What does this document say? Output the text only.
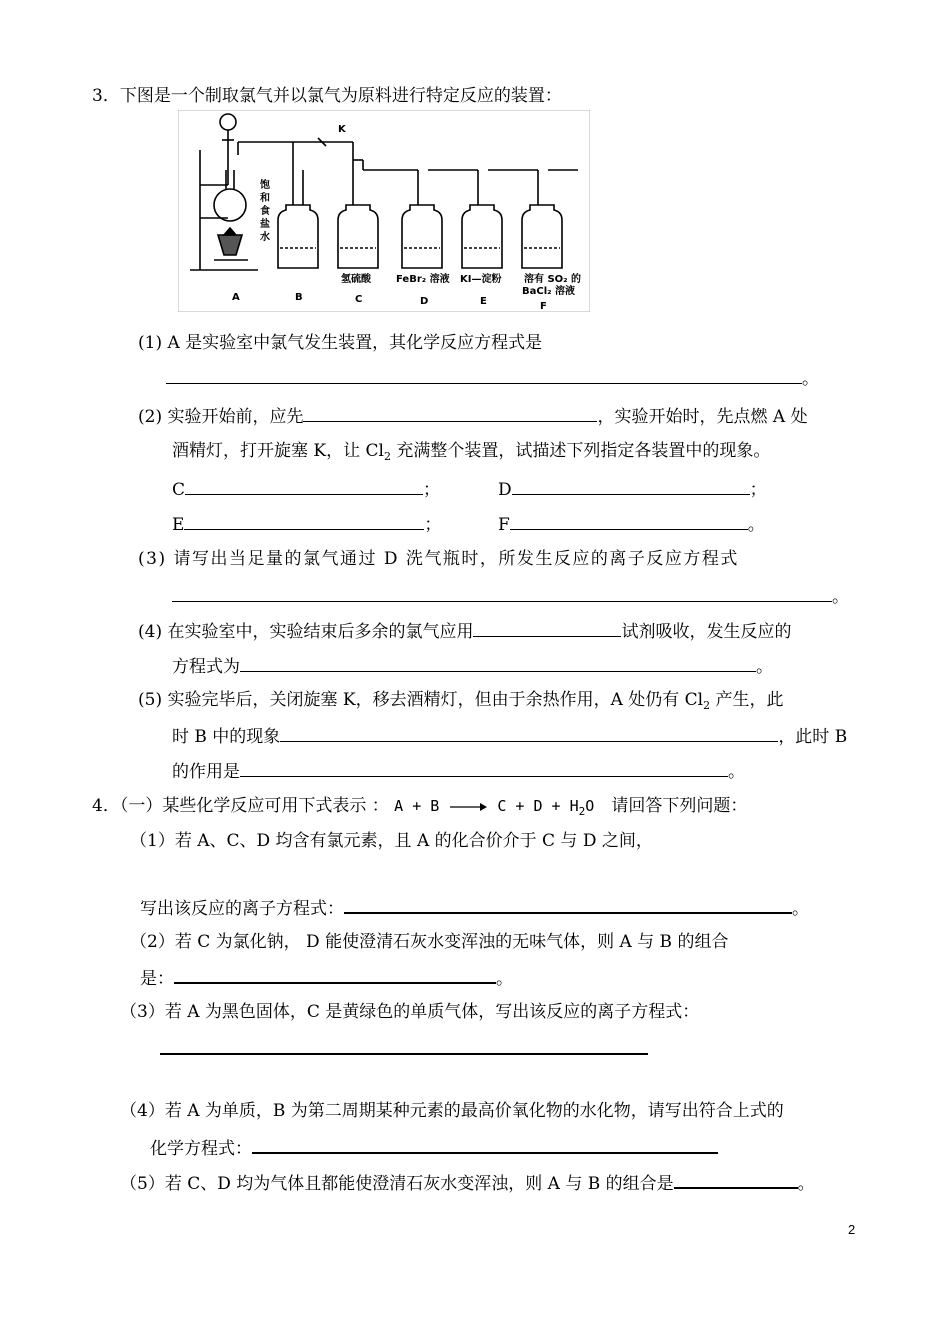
3．下图是一个制取氯气并以氯气为原料进行特定反应的装置：
饱
和
食
盐
水
K
氢硫酸	FeBr₂ 溶液 KI—淀粉 溶有 SO₂ 的
BaCl₂ 溶液
A	B	C	D	E	F
(1) A 是实验室中氯气发生装置，其化学反应方程式是
。
(2) 实验开始前，应先	，实验开始时，先点燃 A 处
酒精灯，打开旋塞 K，让 $Cl_2$ 充满整个装置，试描述下列指定各装置中的现象。
C	；	D	；
E	；	F	。
(3) 请写出当足量的氯气通过 D 洗气瓶时，所发生反应的离子反应方程式
。
(4) 在实验室中，实验结束后多余的氯气应用	试剂吸收，发生反应的
方程式为	。
(5) 实验完毕后，关闭旋塞 K，移去酒精灯，但由于余热作用，A 处仍有 $Cl_2$ 产生，此
时 B 中的现象	，此时 B
的作用是	。
4．（一）某些化学反应可用下式表示 ： $A + B \to C + D + H_2O$ 请回答下列问题：
（1）若 A、C、D 均含有氯元素，且 A 的化合价介于 C 与 D 之间，
写出该反应的离子方程式：	。
（2）若 C 为氯化钠， D 能使澄清石灰水变浑浊的无味气体，则 A 与 B 的组合
是：	。
（3）若 A 为黑色固体，C 是黄绿色的单质气体，写出该反应的离子方程式：
（4）若 A 为单质，B 为第二周期某种元素的最高价氧化物的水化物，请写出符合上式的
化学方程式：
（5）若 C、D 均为气体且都能使澄清石灰水变浑浊，则 A 与 B 的组合是	。
2
